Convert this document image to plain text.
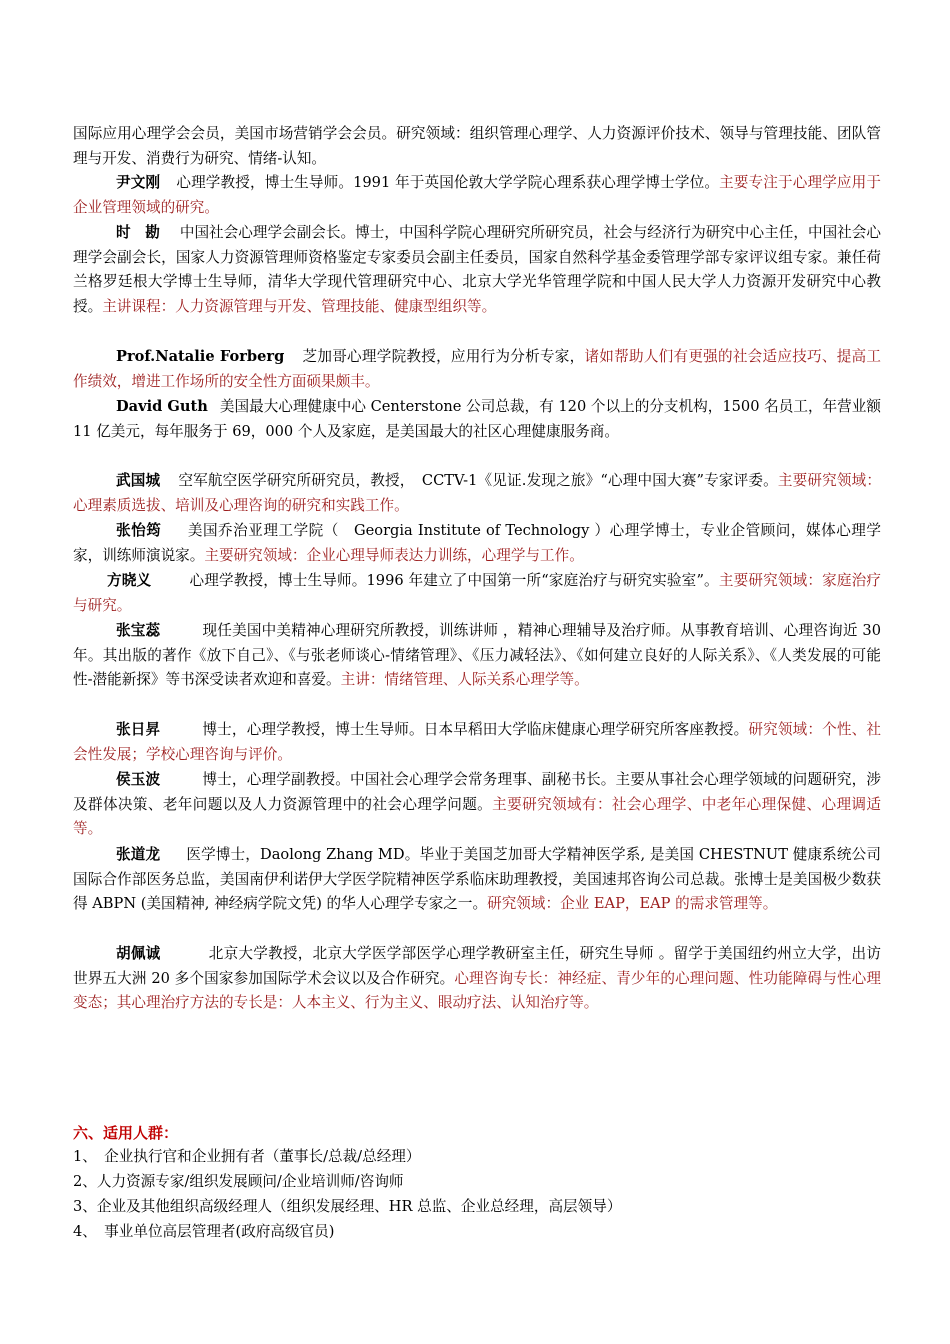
国际应用心理学会会员，美国市场营销学会会员。研究领域：组织管理心理学、人力资源评价技术、领导与管理技能、团队管理与开发、消费行为研究、情绪-认知。
尹文刚 心理学教授，博士生导师。1991 年于英国伦敦大学学院心理系获心理学博士学位。主要专注于心理学应用于企业管理领域的研究。
时　勘 中国社会心理学会副会长。博士，中国科学院心理研究所研究员，社会与经济行为研究中心主任，中国社会心理学会副会长，国家人力资源管理师资格鉴定专家委员会副主任委员，国家自然科学基金委管理学部专家评议组专家。兼任荷兰格罗廷根大学博士生导师，清华大学现代管理研究中心、北京大学光华管理学院和中国人民大学人力资源开发研究中心教授。主讲课程：人力资源管理与开发、管理技能、健康型组织等。
Prof.Natalie Forberg 芝加哥心理学院教授，应用行为分析专家，诸如帮助人们有更强的社会适应技巧、提高工作绩效，增进工作场所的安全性方面硕果颇丰。
David Guth 美国最大心理健康中心 Centerstone 公司总裁，有 120 个以上的分支机构，1500 名员工，年营业额 11 亿美元，每年服务于 69，000 个人及家庭，是美国最大的社区心理健康服务商。
武国城 空军航空医学研究所研究员，教授，　CCTV-1《见证.发现之旅》“心理中国大赛”专家评委。主要研究领域：心理素质选拔、培训及心理咨询的研究和实践工作。
张怡筠 美国乔治亚理工学院（　Georgia Institute of Technology ）心理学博士，专业企管顾问，媒体心理学家，训练师演说家。主要研究领域：企业心理导师表达力训练，心理学与工作。
方晓义	心理学教授，博士生导师。1996 年建立了中国第一所“家庭治疗与研究实验室”。主要研究领域：家庭治疗与研究。
张宝蕊	现任美国中美精神心理研究所教授，训练讲师 ，精神心理辅导及治疗师。从事教育培训、心理咨询近 30 年。其出版的著作《放下自己》、《与张老师谈心-情绪管理》、《压力减轻法》、《如何建立良好的人际关系》、《人类发展的可能性-潜能新探》等书深受读者欢迎和喜爱。主讲：情绪管理、人际关系心理学等。
张日昇	博士，心理学教授，博士生导师。日本早稻田大学临床健康心理学研究所客座教授。研究领域：个性、社会性发展；学校心理咨询与评价。
侯玉波	博士，心理学副教授。中国社会心理学会常务理事、副秘书长。主要从事社会心理学领域的问题研究，涉及群体决策、老年问题以及人力资源管理中的社会心理学问题。主要研究领域有：社会心理学、中老年心理保健、心理调适等。
张道龙 医学博士，Daolong Zhang MD。毕业于美国芝加哥大学精神医学系, 是美国 CHESTNUT 健康系统公司国际合作部医务总监，美国南伊利诺伊大学医学院精神医学系临床助理教授，美国速邦咨询公司总裁。张博士是美国极少数获得 ABPN (美国精神, 神经病学院文凭) 的华人心理学专家之一。研究领域：企业 EAP，EAP 的需求管理等。
胡佩诚	北京大学教授，北京大学医学部医学心理学教研室主任，研究生导师 。留学于美国纽约州立大学，出访世界五大洲 20 多个国家参加国际学术会议以及合作研究。心理咨询专长：神经症、青少年的心理问题、性功能障碍与性心理变态；其心理治疗方法的专长是：人本主义、行为主义、眼动疗法、认知治疗等。
六、适用人群：
1、　企业执行官和企业拥有者（董事长/总裁/总经理）
2、人力资源专家/组织发展顾问/企业培训师/咨询师
3、企业及其他组织高级经理人（组织发展经理、HR 总监、企业总经理，高层领导）
4、　事业单位高层管理者(政府高级官员)
